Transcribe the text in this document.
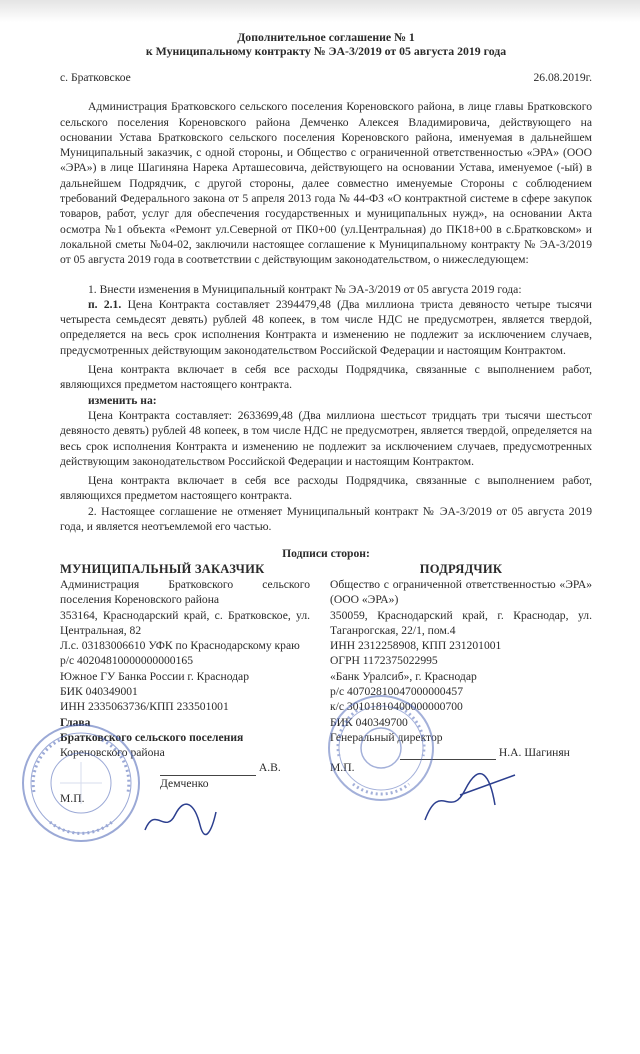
Дополнительное соглашение № 1
к Муниципальному контракту № ЭА-3/2019 от 05 августа 2019 года
с. Братковское	26.08.2019г.

Администрация Братковского сельского поселения Кореновского района, в лице главы Братковского сельского поселения Кореновского района Демченко Алексея Владимировича, действующего на основании Устава Братковского сельского поселения Кореновского района, именуемая в дальнейшем Муниципальный заказчик, с одной стороны, и Общество с ограниченной ответственностью «ЭРА» (ООО «ЭРА») в лице Шагиняна Нарека Арташесовича, действующего на основании Устава, именуемое (-ый) в дальнейшем Подрядчик, с другой стороны, далее совместно именуемые Стороны с соблюдением требований Федерального закона от 5 апреля 2013 года № 44-ФЗ «О контрактной системе в сфере закупок товаров, работ, услуг для обеспечения государственных и муниципальных нужд», на основании Акта осмотра №1 объекта «Ремонт ул.Северной от ПК0+00 (ул.Центральная) до ПК18+00 в с.Братковском» и локальной сметы №04-02, заключили настоящее соглашение к Муниципальному контракту № ЭА-3/2019 от 05 августа 2019 года в соответствии с действующим законодательством, о нижеследующем:

1. Внести изменения в Муниципальный контракт № ЭА-3/2019 от 05 августа 2019 года:

п. 2.1. Цена Контракта составляет 2394479,48 (Два миллиона триста девяносто четыре тысячи четыреста семьдесят девять) рублей 48 копеек, в том числе НДС не предусмотрен, является твердой, определяется на весь срок исполнения Контракта и изменению не подлежит за исключением случаев, предусмотренных действующим законодательством Российской Федерации и настоящим Контрактом.

Цена контракта включает в себя все расходы Подрядчика, связанные с выполнением работ, являющихся предметом настоящего контракта.

изменить на:

Цена Контракта составляет: 2633699,48 (Два миллиона шестьсот тридцать три тысячи шестьсот девяносто девять) рублей 48 копеек, в том числе НДС не предусмотрен, является твердой, определяется на весь срок исполнения Контракта и изменению не подлежит за исключением случаев, предусмотренных действующим законодательством Российской Федерации и настоящим Контрактом.

Цена контракта включает в себя все расходы Подрядчика, связанные с выполнением работ, являющихся предметом настоящего контракта.

2. Настоящее соглашение не отменяет Муниципальный контракт № ЭА-3/2019 от 05 августа 2019 года, и является неотъемлемой его частью.

Подписи сторон:
МУНИЦИПАЛЬНЫЙ ЗАКАЗЧИК

Администрация Братковского сельского поселения Кореновского района

353164, Краснодарский край, с. Братковское, ул. Центральная, 82

Л.с. 03183006610 УФК по Краснодарскому краю

р/с 40204810000000000165

Южное ГУ Банка России г. Краснодар

БИК 040349001

ИНН 2335063736/КПП 233501001

Глава

Братковского сельского поселения

Кореновского района

А.В. Демченко

М.П.

ПОДРЯДЧИК

Общество с ограниченной ответственностью «ЭРА» (ООО «ЭРА»)

350059, Краснодарский край, г. Краснодар, ул. Таганрогская, 22/1, пом.4

ИНН 2312258908, КПП 231201001

ОГРН 1172375022995

«Банк Уралсиб», г. Краснодар

р/с 40702810047000000457

к/с 30101810400000000700

БИК 040349700

Генеральный директор

Н.А. Шагинян

М.П.
